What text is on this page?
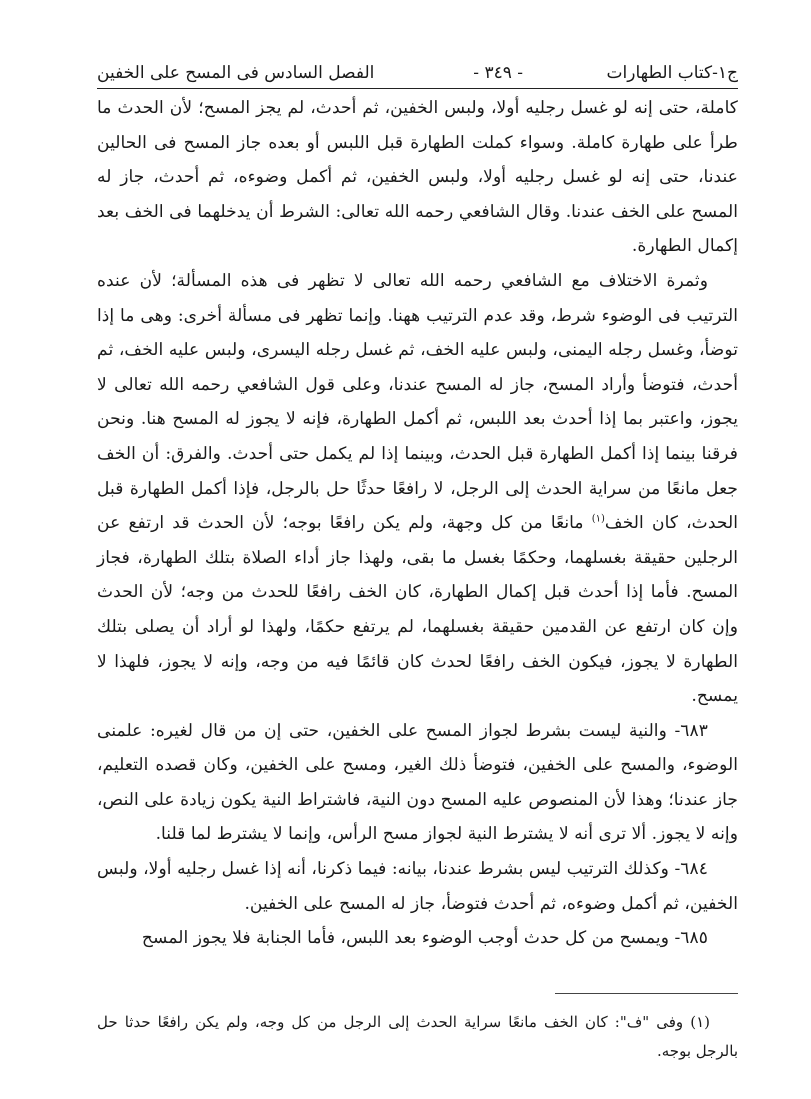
ج١-كتاب الطهارات
- ٣٤٩ -
الفصل السادس فى المسح على الخفين

كاملة، حتى إنه لو غسل رجليه أولا، ولبس الخفين، ثم أحدث، لم يجز المسح؛ لأن الحدث ما طرأ على طهارة كاملة. وسواء كملت الطهارة قبل اللبس أو بعده جاز المسح فى الحالين عندنا، حتى إنه لو غسل رجليه أولا، ولبس الخفين، ثم أكمل وضوءه، ثم أحدث، جاز له المسح على الخف عندنا. وقال الشافعي رحمه الله تعالى: الشرط أن يدخلهما فى الخف بعد إكمال الطهارة.

وثمرة الاختلاف مع الشافعي رحمه الله تعالى لا تظهر فى هذه المسألة؛ لأن عنده الترتيب فى الوضوء شرط، وقد عدم الترتيب ههنا. وإنما تظهر فى مسألة أخرى: وهى ما إذا توضأ، وغسل رجله اليمنى، ولبس عليه الخف، ثم غسل رجله اليسرى، ولبس عليه الخف، ثم أحدث، فتوضأ وأراد المسح، جاز له المسح عندنا، وعلى قول الشافعي رحمه الله تعالى لا يجوز، واعتبر بما إذا أحدث بعد اللبس، ثم أكمل الطهارة، فإنه لا يجوز له المسح هنا. ونحن فرقنا بينما إذا أكمل الطهارة قبل الحدث، وبينما إذا لم يكمل حتى أحدث. والفرق: أن الخف جعل مانعًا من سراية الحدث إلى الرجل، لا رافعًا حدثًا حل بالرجل، فإذا أكمل الطهارة قبل الحدث، كان الخف$^{(١)}$ مانعًا من كل وجهة، ولم يكن رافعًا بوجه؛ لأن الحدث قد ارتفع عن الرجلين حقيقة بغسلهما، وحكمًا بغسل ما بقى، ولهذا جاز أداء الصلاة بتلك الطهارة، فجاز المسح. فأما إذا أحدث قبل إكمال الطهارة، كان الخف رافعًا للحدث من وجه؛ لأن الحدث وإن كان ارتفع عن القدمين حقيقة بغسلهما، لم يرتفع حكمًا، ولهذا لو أراد أن يصلى بتلك الطهارة لا يجوز، فيكون الخف رافعًا لحدث كان قائمًا فيه من وجه، وإنه لا يجوز، فلهذا لا يمسح.

٦٨٣- والنية ليست بشرط لجواز المسح على الخفين، حتى إن من قال لغيره: علمنى الوضوء، والمسح على الخفين، فتوضأ ذلك الغير، ومسح على الخفين، وكان قصده التعليم، جاز عندنا؛ وهذا لأن المنصوص عليه المسح دون النية، فاشتراط النية يكون زيادة على النص، وإنه لا يجوز. ألا ترى أنه لا يشترط النية لجواز مسح الرأس، وإنما لا يشترط لما قلنا.

٦٨٤- وكذلك الترتيب ليس بشرط عندنا، بيانه: فيما ذكرنا، أنه إذا غسل رجليه أولا، ولبس الخفين، ثم أكمل وضوءه، ثم أحدث فتوضأ، جاز له المسح على الخفين.

٦٨٥- ويمسح من كل حدث أوجب الوضوء بعد اللبس، فأما الجنابة فلا يجوز المسح

(١) وفى "ف": كان الخف مانعًا سراية الحدث إلى الرجل من كل وجه، ولم يكن رافعًا حدثا حل بالرجل بوجه.
